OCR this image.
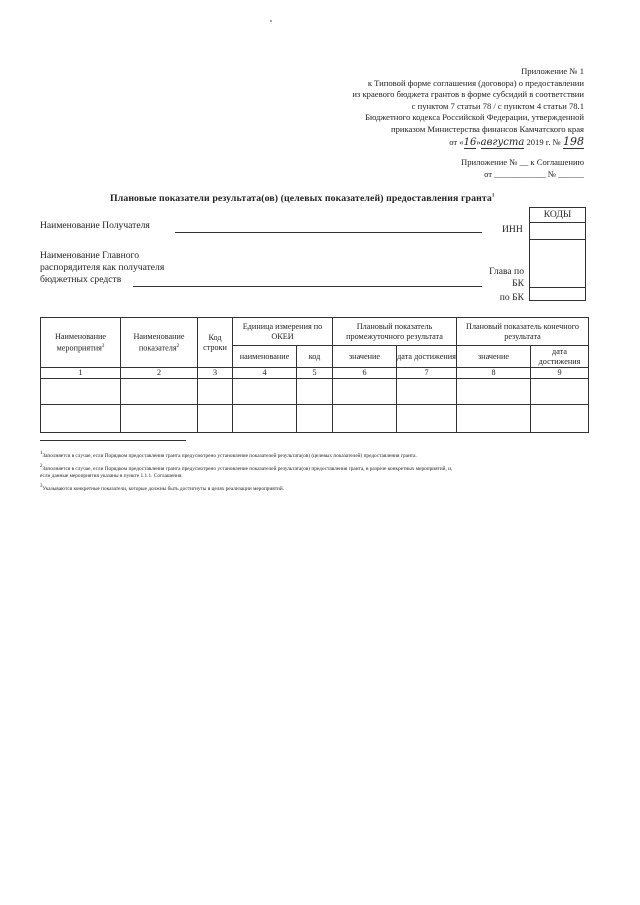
Приложение № 1
к Типовой форме соглашения (договора) о предоставлении
из краевого бюджета грантов в форме субсидий в соответствии
с пунктом 7 статьи 78 / с пунктом 4 статьи 78.1
Бюджетного кодекса Российской Федерации, утвержденной
приказом Министерства финансов Камчатского края
от «16»августа 2019 г. № 198
Приложение № __ к Соглашению
от ____________ № ______
Плановые показатели результата(ов) (целевых показателей) предоставления гранта$^1$
КОДЫ
Наименование Получателя	ИНН
Наименование Главного
распорядителя как получателя
бюджетных средств
Глава по
БК
по БК
Наименование мероприятия$^3$	Наименование показателя$^2$	Код строки	Единица измерения по ОКЕИ		Плановый показатель промежуточного результата		Плановый показатель конечного результата	
			наименование	код	значение	дата достижения	значение	дата достижения
1	2	3	4	5	6	7	8	9

$^1$Заполняется в случае, если Порядком предоставления гранта предусмотрено установление показателей результата(ов) (целевых показателей) предоставления гранта.
$^2$Заполняется в случае, если Порядком предоставления гранта предусмотрено установление показателей результата(ов) предоставления гранта, в разрезе конкретных мероприятий, и,
если данные мероприятия указаны в пункте 1.1.1. Соглашения.
$^3$Указываются конкретные показатели, которые должны быть достигнуты в целях реализации мероприятий.
